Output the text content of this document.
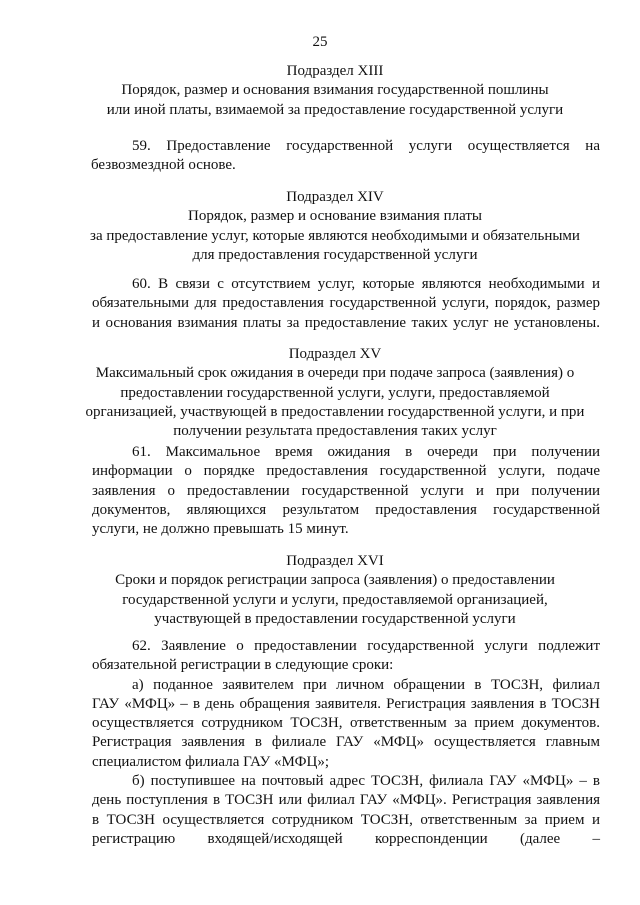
25
Подраздел XIII
Порядок, размер и основания взимания государственной пошлины
или иной платы, взимаемой за предоставление государственной услуги
59. Предоставление государственной услуги осуществляется на
безвозмездной основе.
Подраздел XIV
Порядок, размер и основание взимания платы
за предоставление услуг, которые являются необходимыми и обязательными
для предоставления государственной услуги
60. В связи с отсутствием услуг, которые являются необходимыми и
обязательными для предоставления государственной услуги, порядок, размер
и основания взимания платы за предоставление таких услуг не установлены.
Подраздел XV
Максимальный срок ожидания в очереди при подаче запроса (заявления) о
предоставлении государственной услуги, услуги, предоставляемой
организацией, участвующей в предоставлении государственной услуги, и при
получении результата предоставления таких услуг
61. Максимальное время ожидания в очереди при получении
информации о порядке предоставления государственной услуги, подаче
заявления о предоставлении государственной услуги и при получении
документов, являющихся результатом предоставления государственной
услуги, не должно превышать 15 минут.
Подраздел XVI
Сроки и порядок регистрации запроса (заявления) о предоставлении
государственной услуги и услуги, предоставляемой организацией,
участвующей в предоставлении государственной услуги
62. Заявление о предоставлении государственной услуги подлежит
обязательной регистрации в следующие сроки:
а) поданное заявителем при личном обращении в ТОСЗН, филиал
ГАУ «МФЦ» – в день обращения заявителя. Регистрация заявления в ТОСЗН
осуществляется сотрудником ТОСЗН, ответственным за прием документов.
Регистрация заявления в филиале ГАУ «МФЦ» осуществляется главным
специалистом филиала ГАУ «МФЦ»;
б) поступившее на почтовый адрес ТОСЗН, филиала ГАУ «МФЦ» – в
день поступления в ТОСЗН или филиал ГАУ «МФЦ». Регистрация заявления
в ТОСЗН осуществляется сотрудником ТОСЗН, ответственным за прием и
регистрацию входящей/исходящей корреспонденции (далее –
